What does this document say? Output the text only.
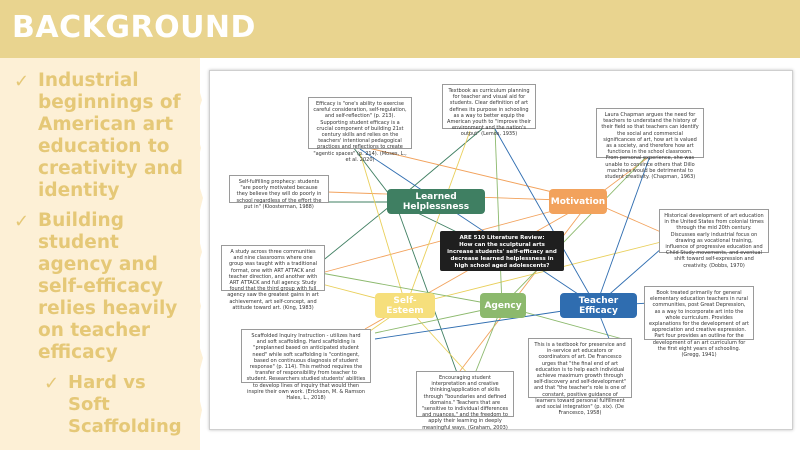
BACKGROUND
✓ Industrial beginnings of American art education to creativity and identity
✓ Building student agency and self-efficacy relies heavily on teacher efficacy
✓ Hard vs Soft Scaffolding
Efficacy is "one's ability to exercise careful consideration, self-regulation, and self-reflection" (p. 213). Supporting student efficacy is a crucial component of building 21st century skills and relies on the teachers' intentional pedagogical practices and reflections to create "agentic spaces" (p. 214). (Moses, L., et al. 2020)
Textbook as curriculum planning for teacher and visual aid for students. Clear definition of art defines its purpose in schooling as a way to better equip the American youth to "improve their environment and the nation's output" (Lemos, 1935)
Laura Chapman argues the need for teachers to understand the history of their field so that teachers can identify the social and commercial significances of art, how art is valued as a society, and therefore how art functions in the school classroom. From personal experience, she was unable to convince others that Dillo machines would be detrimental to student creativity. (Chapman, 1963)
Self-fulfilling prophecy: students "are poorly motivated because they believe they will do poorly in school regardless of the effort the put in" (Kloosterman, 1988)
Historical development of art education in the United States from colonial times through the mid 20th century. Discusses early industrial focus on drawing as vocational training, influence of progressive education and Child Study movements, and eventual shift toward self-expression and creativity. (Dobbs, 1970)
A study across three communities and nine classrooms where one group was taught with a traditional format, one with ART ATTACK and teacher direction, and another with ART ATTACK and full agency. Study found that the third group with full agency saw the greatest gains in art achievement, art self-concept, and attitude toward art. (King, 1983)
Book treated primarily for general elementary education teachers in rural communities, post Great Depression, as a way to incorporate art into the whole curriculum. Provides explanations for the development of art appreciation and creative expression. Part four provides an outline for the development of an art curriculum for the first eight years of schooling. (Gregg, 1941)
Scaffolded Inquiry Instruction - utilizes hard and soft scaffolding. Hard scaffolding is "preplanned based on anticipated student need" while soft scaffolding is "contingent, based on continuous diagnosis of student response" (p. 114). This method requires the transfer of responsibility from teacher to student. Researchers studied students' abilities to develop lines of inquiry that would then inspire their own work. (Erickson, M. & Ramson Hales, L., 2018)
Encouraging student interpretation and creative thinking/application of skills through "boundaries and defined domains." Teachers that are "sensitive to individual differences and nuances," and the freedom to apply their learning in deeply meaningful ways. (Graham, 2003)
This is a textbook for preservice and in-service art educators or coordinators of art. De Francesco urges that "the final end of art education is to help each individual achieve maximum growth through self-discovery and self-development" and that "the teacher's role is one of constant, positive guidance of learners toward personal fulfillment and social integration" (p. xix). (De Francesco, 1958)
ARE 510 Literature Review:
How can the sculptural arts increase students' self-efficacy and decrease learned helplessness in high school aged adolescents?
Learned Helplessness	Motivation
Self-Esteem	Agency	Teacher Efficacy
